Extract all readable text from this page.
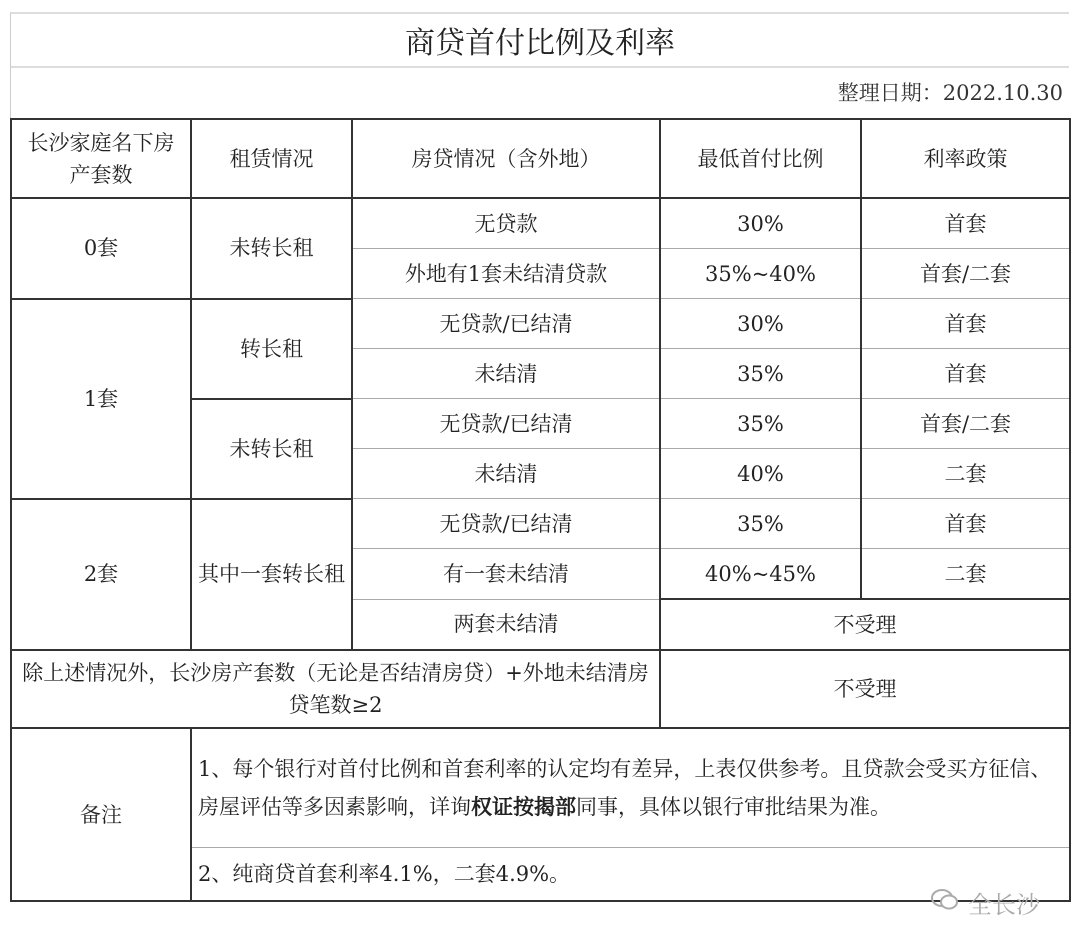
商贷首付比例及利率
整理日期：2022.10.30
长沙家庭名下房产套数	租赁情况	房贷情况（含外地）	最低首付比例	利率政策
0套	未转长租	无贷款	30%	首套
		外地有1套未结清贷款	35%~40%	首套/二套
1套	转长租	无贷款/已结清	30%	首套
		未结清	35%	首套
	未转长租	无贷款/已结清	35%	首套/二套
		未结清	40%	二套
2套	其中一套转长租	无贷款/已结清	35%	首套
		有一套未结清	40%~45%	二套
		两套未结清	不受理	
除上述情况外，长沙房产套数（无论是否结清房贷）+外地未结清房贷笔数≥2			不受理	
备注	1、每个银行对首付比例和首套利率的认定均有差异，上表仅供参考。且贷款会受买方征信、房屋评估等多因素影响，详询权证按揭部同事，具体以银行审批结果为准。			
	2、纯商贷首套利率4.1%，二套4.9%。			
全长沙
